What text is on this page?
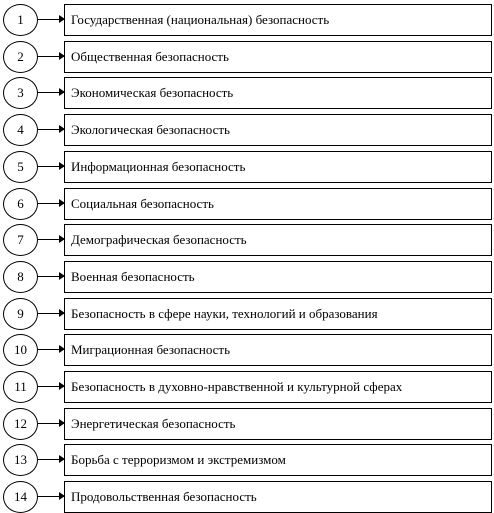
1	Государственная (национальная) безопасность
2	Общественная безопасность
3	Экономическая безопасность
4	Экологическая безопасность
5	Информационная безопасность
6	Социальная безопасность
7	Демографическая безопасность
8	Военная безопасность
9	Безопасность в сфере науки, технологий и образования
10	Миграционная безопасность
11	Безопасность в духовно-нравственной и культурной сферах
12	Энергетическая безопасность
13	Борьба с терроризмом и экстремизмом
14	Продовольственная безопасность
